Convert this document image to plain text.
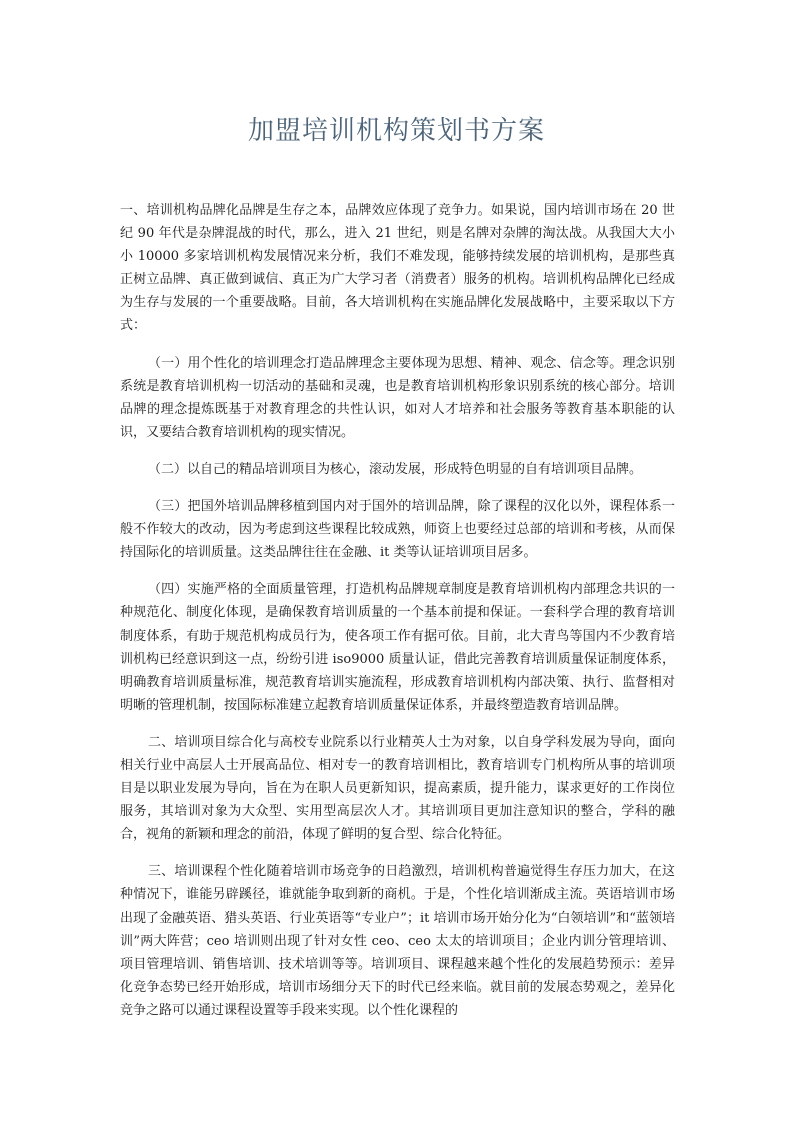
加盟培训机构策划书方案

一、培训机构品牌化品牌是生存之本，品牌效应体现了竞争力。如果说，国内培训市场在 20 世纪 90 年代是杂牌混战的时代，那么，进入 21 世纪，则是名牌对杂牌的淘汰战。从我国大大小小 10000 多家培训机构发展情况来分析，我们不难发现，能够持续发展的培训机构，是那些真正树立品牌、真正做到诚信、真正为广大学习者（消费者）服务的机构。培训机构品牌化已经成为生存与发展的一个重要战略。目前，各大培训机构在实施品牌化发展战略中，主要采取以下方式：

（一）用个性化的培训理念打造品牌理念主要体现为思想、精神、观念、信念等。理念识别系统是教育培训机构一切活动的基础和灵魂，也是教育培训机构形象识别系统的核心部分。培训品牌的理念提炼既基于对教育理念的共性认识，如对人才培养和社会服务等教育基本职能的认识，又要结合教育培训机构的现实情况。

（二）以自己的精品培训项目为核心，滚动发展，形成特色明显的自有培训项目品牌。

（三）把国外培训品牌移植到国内对于国外的培训品牌，除了课程的汉化以外，课程体系一般不作较大的改动，因为考虑到这些课程比较成熟，师资上也要经过总部的培训和考核，从而保持国际化的培训质量。这类品牌往往在金融、it 类等认证培训项目居多。

（四）实施严格的全面质量管理，打造机构品牌规章制度是教育培训机构内部理念共识的一种规范化、制度化体现，是确保教育培训质量的一个基本前提和保证。一套科学合理的教育培训制度体系，有助于规范机构成员行为，使各项工作有据可依。目前，北大青鸟等国内不少教育培训机构已经意识到这一点，纷纷引进 iso9000 质量认证，借此完善教育培训质量保证制度体系，明确教育培训质量标准，规范教育培训实施流程，形成教育培训机构内部决策、执行、监督相对明晰的管理机制，按国际标准建立起教育培训质量保证体系，并最终塑造教育培训品牌。

二、培训项目综合化与高校专业院系以行业精英人士为对象，以自身学科发展为导向，面向相关行业中高层人士开展高品位、相对专一的教育培训相比，教育培训专门机构所从事的培训项目是以职业发展为导向，旨在为在职人员更新知识，提高素质，提升能力，谋求更好的工作岗位服务，其培训对象为大众型、实用型高层次人才。其培训项目更加注意知识的整合，学科的融合，视角的新颖和理念的前沿，体现了鲜明的复合型、综合化特征。

三、培训课程个性化随着培训市场竞争的日趋激烈，培训机构普遍觉得生存压力加大，在这种情况下，谁能另辟蹊径，谁就能争取到新的商机。于是，个性化培训渐成主流。英语培训市场出现了金融英语、猎头英语、行业英语等“专业户”；it 培训市场开始分化为“白领培训”和“蓝领培训”两大阵营；ceo 培训则出现了针对女性 ceo、ceo 太太的培训项目；企业内训分管理培训、项目管理培训、销售培训、技术培训等等。培训项目、课程越来越个性化的发展趋势预示：差异化竞争态势已经开始形成，培训市场细分天下的时代已经来临。就目前的发展态势观之，差异化竞争之路可以通过课程设置等手段来实现。以个性化课程的
